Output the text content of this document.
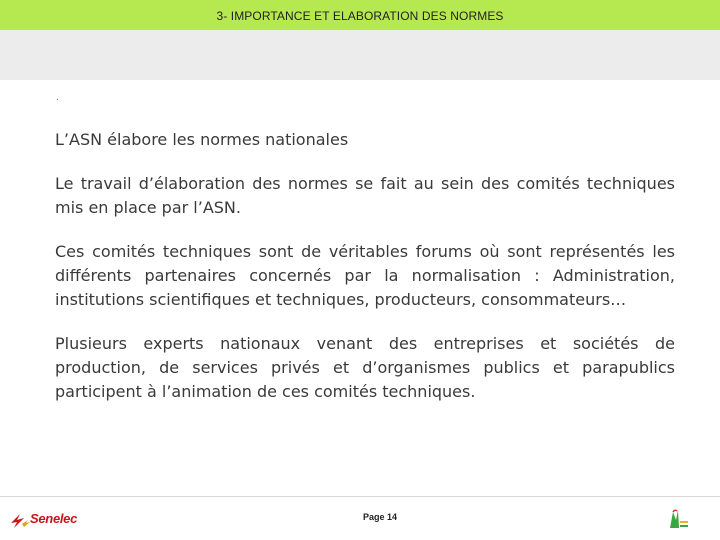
3- IMPORTANCE ET ELABORATION DES NORMES
.

L’ASN élabore les normes nationales

Le travail d’élaboration des normes se fait au sein des comités techniques mis en place par l’ASN.

Ces comités techniques sont de véritables forums où sont représentés les différents partenaires concernés par la normalisation : Administration, institutions scientifiques et techniques, producteurs, consommateurs…

Plusieurs experts nationaux venant des entreprises et sociétés de production, de services privés et d’organismes publics et parapublics participent à l’animation de ces comités techniques.

Senelec	Page 14
